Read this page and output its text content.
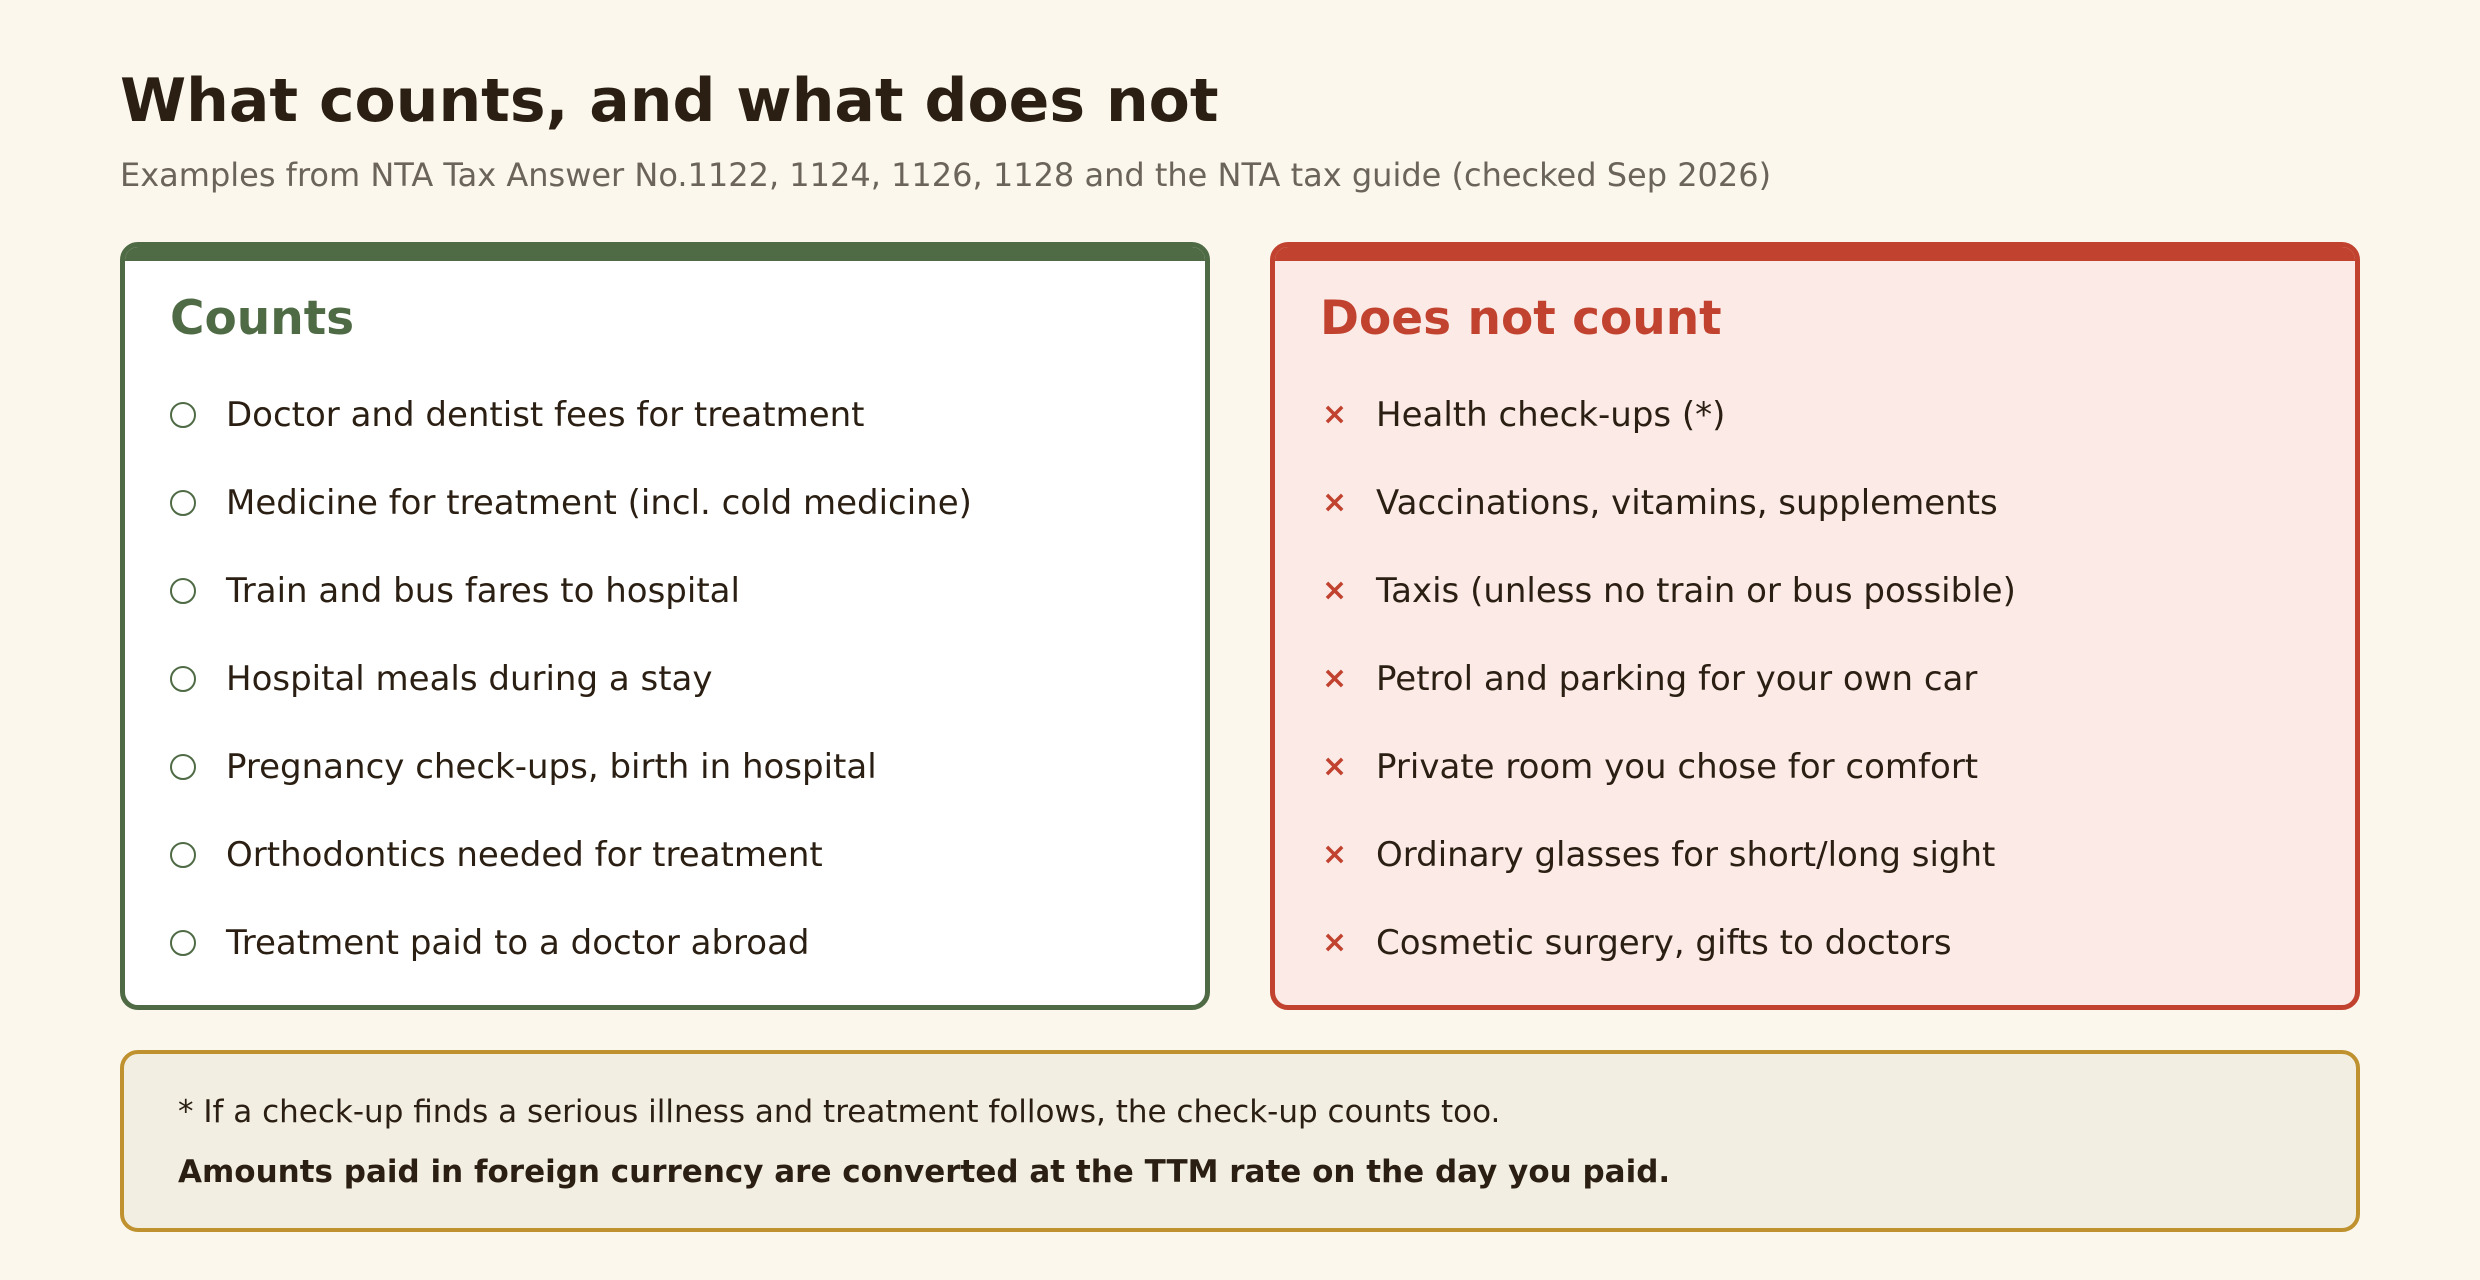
What counts, and what does not

Examples from NTA Tax Answer No.1122, 1124, 1126, 1128 and the NTA tax guide (checked Sep 2026)

Counts
Doctor and dentist fees for treatment
Medicine for treatment (incl. cold medicine)
Train and bus fares to hospital
Hospital meals during a stay
Pregnancy check-ups, birth in hospital
Orthodontics needed for treatment
Treatment paid to a doctor abroad
Does not count
× Health check-ups (*)
× Vaccinations, vitamins, supplements
× Taxis (unless no train or bus possible)
× Petrol and parking for your own car
× Private room you chose for comfort
× Ordinary glasses for short/long sight
× Cosmetic surgery, gifts to doctors

* If a check-up finds a serious illness and treatment follows, the check-up counts too.

Amounts paid in foreign currency are converted at the TTM rate on the day you paid.
